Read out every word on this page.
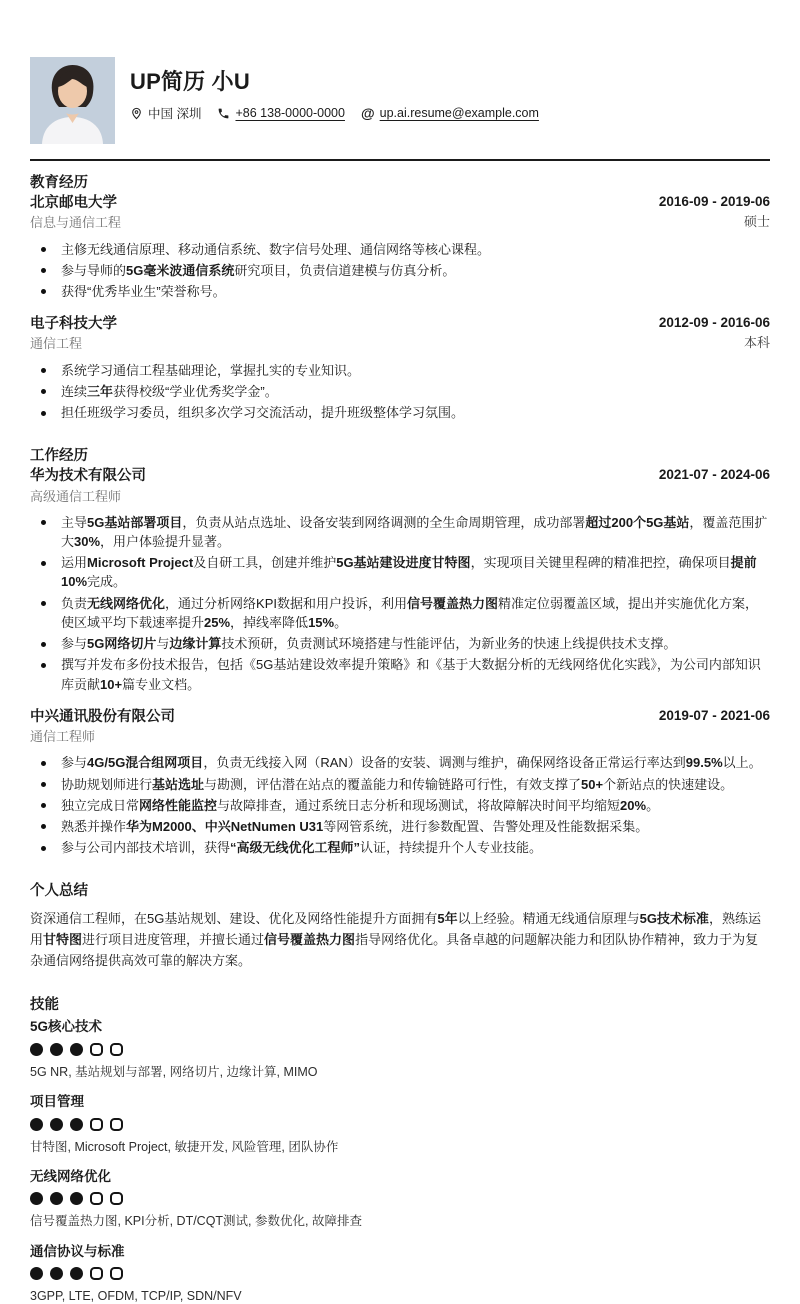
UP简历 小U
中国 深圳	+86 138-0000-0000 @ up.ai.resume@example.com
教育经历
北京邮电大学
信息与通信工程
2016-09 - 2019-06
硕士
主修无线通信原理、移动通信系统、数字信号处理、通信网络等核心课程。
参与导师的5G毫米波通信系统研究项目，负责信道建模与仿真分析。
获得“优秀毕业生”荣誉称号。
电子科技大学
通信工程
2012-09 - 2016-06
本科
系统学习通信工程基础理论，掌握扎实的专业知识。
连续三年获得校级“学业优秀奖学金”。
担任班级学习委员，组织多次学习交流活动，提升班级整体学习氛围。
工作经历
华为技术有限公司
高级通信工程师
2021-07 - 2024-06
主导5G基站部署项目，负责从站点选址、设备安装到网络调测的全生命周期管理，成功部署超过200个5G基站，覆盖范围扩大30%，用户体验提升显著。
运用Microsoft Project及自研工具，创建并维护5G基站建设进度甘特图，实现项目关键里程碑的精准把控，确保项目提前10%完成。
负责无线网络优化，通过分析网络KPI数据和用户投诉，利用信号覆盖热力图精准定位弱覆盖区域，提出并实施优化方案，使区域平均下载速率提升25%，掉线率降低15%。
参与5G网络切片与边缘计算技术预研，负责测试环境搭建与性能评估，为新业务的快速上线提供技术支撑。
撰写并发布多份技术报告，包括《5G基站建设效率提升策略》和《基于大数据分析的无线网络优化实践》，为公司内部知识库贡献10+篇专业文档。
中兴通讯股份有限公司
通信工程师
2019-07 - 2021-06
参与4G/5G混合组网项目，负责无线接入网（RAN）设备的安装、调测与维护，确保网络设备正常运行率达到99.5%以上。
协助规划师进行基站选址与勘测，评估潜在站点的覆盖能力和传输链路可行性，有效支撑了50+个新站点的快速建设。
独立完成日常网络性能监控与故障排查，通过系统日志分析和现场测试，将故障解决时间平均缩短20%。
熟悉并操作华为M2000、中兴NetNumen U31等网管系统，进行参数配置、告警处理及性能数据采集。
参与公司内部技术培训，获得“高级无线优化工程师”认证，持续提升个人专业技能。
个人总结
资深通信工程师，在5G基站规划、建设、优化及网络性能提升方面拥有5年以上经验。精通无线通信原理与5G技术标准，熟练运用甘特图进行项目进度管理，并擅长通过信号覆盖热力图指导网络优化。具备卓越的问题解决能力和团队协作精神，致力于为复杂通信网络提供高效可靠的解决方案。
技能
5G核心技术
5G NR, 基站规划与部署, 网络切片, 边缘计算, MIMO
项目管理
甘特图, Microsoft Project, 敏捷开发, 风险管理, 团队协作
无线网络优化
信号覆盖热力图, KPI分析, DT/CQT测试, 参数优化, 故障排查
通信协议与标准
3GPP, LTE, OFDM, TCP/IP, SDN/NFV
